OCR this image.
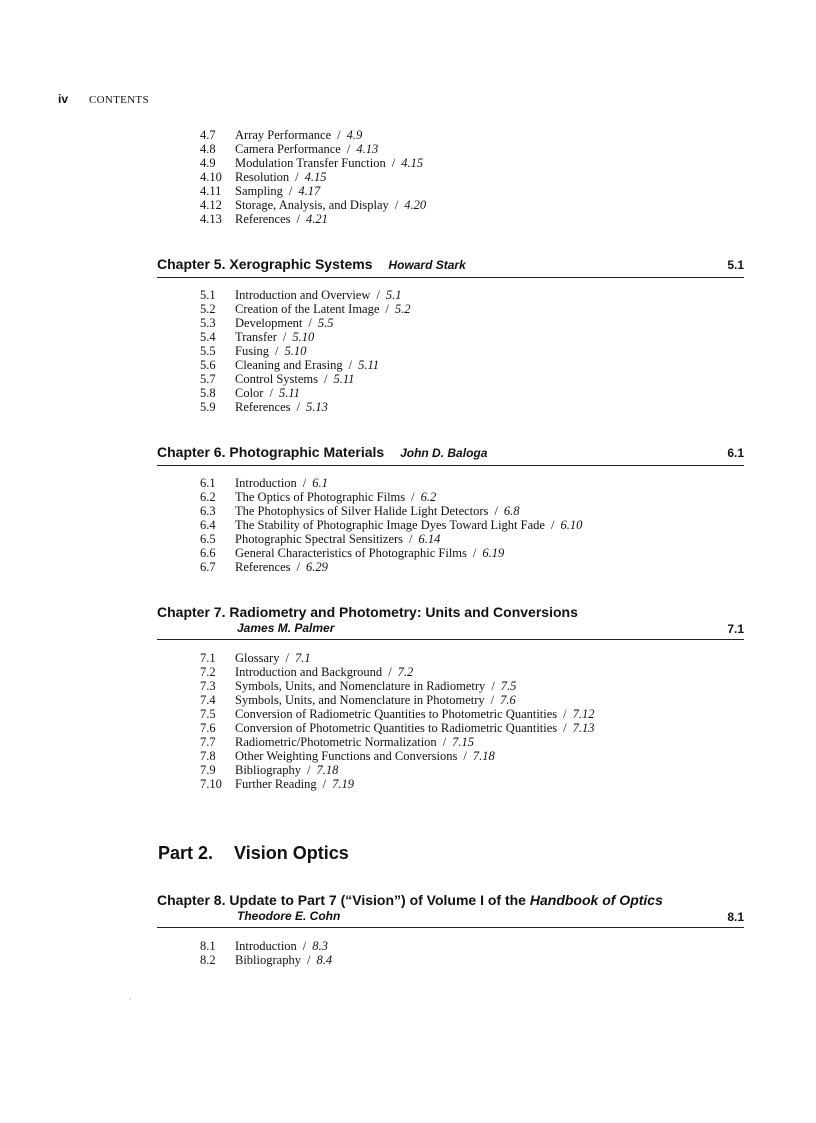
iv CONTENTS
4.7 Array Performance / 4.9
4.8 Camera Performance / 4.13
4.9 Modulation Transfer Function / 4.15
4.10 Resolution / 4.15
4.11 Sampling / 4.17
4.12 Storage, Analysis, and Display / 4.20
4.13 References / 4.21
Chapter 5. Xerographic Systems Howard Stark	5.1
5.1 Introduction and Overview / 5.1
5.2 Creation of the Latent Image / 5.2
5.3 Development / 5.5
5.4 Transfer / 5.10
5.5 Fusing / 5.10
5.6 Cleaning and Erasing / 5.11
5.7 Control Systems / 5.11
5.8 Color / 5.11
5.9 References / 5.13
Chapter 6. Photographic Materials John D. Baloga	6.1
6.1 Introduction / 6.1
6.2 The Optics of Photographic Films / 6.2
6.3 The Photophysics of Silver Halide Light Detectors / 6.8
6.4 The Stability of Photographic Image Dyes Toward Light Fade / 6.10
6.5 Photographic Spectral Sensitizers / 6.14
6.6 General Characteristics of Photographic Films / 6.19
6.7 References / 6.29
Chapter 7. Radiometry and Photometry: Units and Conversions
James M. Palmer	7.1
7.1 Glossary / 7.1
7.2 Introduction and Background / 7.2
7.3 Symbols, Units, and Nomenclature in Radiometry / 7.5
7.4 Symbols, Units, and Nomenclature in Photometry / 7.6
7.5 Conversion of Radiometric Quantities to Photometric Quantities / 7.12
7.6 Conversion of Photometric Quantities to Radiometric Quantities / 7.13
7.7 Radiometric/Photometric Normalization / 7.15
7.8 Other Weighting Functions and Conversions / 7.18
7.9 Bibliography / 7.18
7.10 Further Reading / 7.19
Part 2. Vision Optics
Chapter 8. Update to Part 7 (“Vision”) of Volume I of the Handbook of Optics
Theodore E. Cohn	8.1
8.1 Introduction / 8.3
8.2 Bibliography / 8.4
´
